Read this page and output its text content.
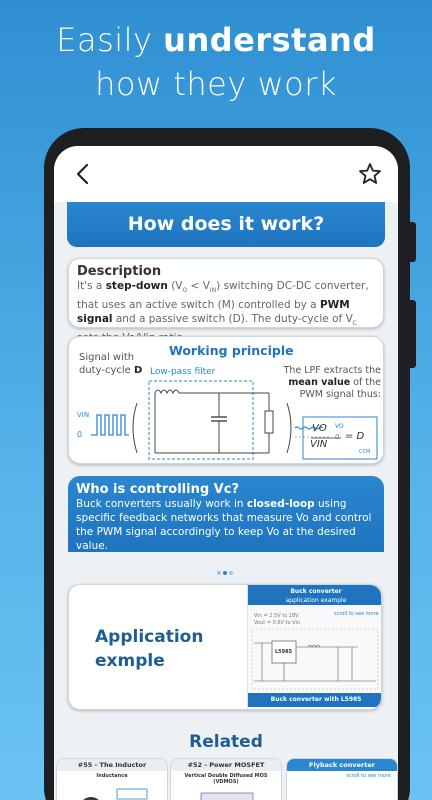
Easily understand
how they work
How does it work?
Description

It's a step-down $(V_O < V_{IN})$ switching DC-DC converter, that uses an active switch (M) controlled by a PWM signal and a passive switch (D). The duty-cycle of $V_C$

Working principle
Signal with
duty-cycle D
VIN
0
VO
0
Low-pass filter	The LPF extracts the
mean value of the
PWM signal thus:
VO
VIN
= D
CCM
Who is controlling Vc?

Buck converters usually work in closed-loop using specific feedback networks that measure Vo and control the PWM signal accordingly to keep Vo at the desired value.

Application
exmple
Buck converter
application example
scroll to see more
Vin = 2.5V to 18V
Vout = 0.6V to Vin
L5985
Buck converter with L5985
Related
#55 - The Inductor
Inductance
#52 - Power MOSFET
Vertical Double Diffused MOS (VDMOS)
Flyback converter
scroll to see more
